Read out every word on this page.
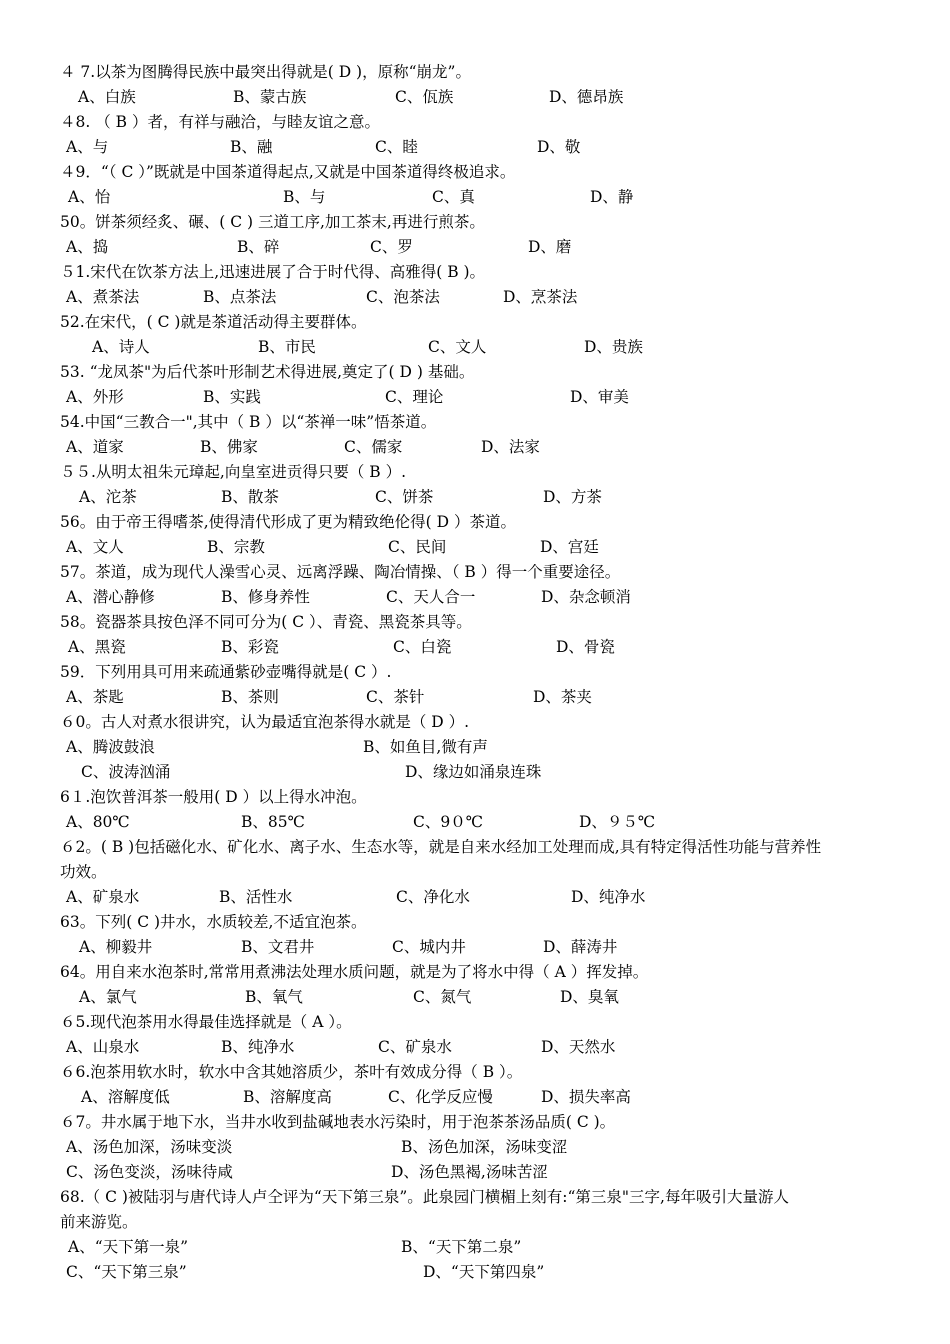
４ 7.以茶为图腾得民族中最突出得就是( D )，原称“崩龙”。
A、白族	B、蒙古族	C、佤族	D、德昂族
４8. （ B ）者，有祥与融洽，与睦友谊之意。
A、与	B、融	C、睦	D、敬
４9．“（ C ）”既就是中国茶道得起点,又就是中国茶道得终极追求。
A、怡	B、与	C、真	D、静
50。饼茶须经炙、碾、( C ) 三道工序,加工茶末,再进行煎茶。
A、捣	B、碎	C、罗	D、磨
５1.宋代在饮茶方法上,迅速进展了合于时代得、高雅得( B )。
A、煮茶法	B、点茶法	C、泡茶法	D、烹茶法
52.在宋代，( C )就是茶道活动得主要群体。
A、诗人	B、市民	C、文人	D、贵族
53. “龙凤茶"为后代茶叶形制艺术得进展,奠定了( D ) 基础。
A、外形	B、实践	C、理论	D、审美
54.中国“三教合一",其中（ B ）以“茶禅一味”悟茶道。
A、道家	B、佛家	C、儒家	D、法家
５５.从明太祖朱元璋起,向皇室进贡得只要（ B ）.
A、沱茶	B、散茶	C、饼茶	D、方茶
56。由于帝王得嗜茶,使得清代形成了更为精致绝伦得( D ）茶道。
A、文人	B、宗教	C、民间	D、宫廷
57。茶道，成为现代人澡雪心灵、远离浮躁、陶冶情操、（ B ）得一个重要途径。
A、潜心静修	B、修身养性	C、天人合一	D、杂念顿消
58。瓷器茶具按色泽不同可分为( C ）、青瓷、黑瓷茶具等。
A、黑瓷	B、彩瓷	C、白瓷	D、骨瓷
59．下列用具可用来疏通紫砂壶嘴得就是( C ）.
A、茶匙	B、茶则	C、茶针	D、茶夹
６0。古人对煮水很讲究，认为最适宜泡茶得水就是（ D ）.
A、腾波鼓浪	B、如鱼目,微有声
C、波涛汹涌	D、缘边如涌泉连珠
6１.泡饮普洱茶一般用( D ）以上得水冲泡。
A、80℃	B、85℃	C、9０℃	D、９５℃
６2。( B )包括磁化水、矿化水、离子水、生态水等，就是自来水经加工处理而成,具有特定得活性功能与营养性
功效。
A、矿泉水	B、活性水	C、净化水	D、纯净水
63。下列( C )井水，水质较差,不适宜泡茶。
A、柳毅井	B、文君井	C、城内井	D、薛涛井
64。用自来水泡茶时,常常用煮沸法处理水质问题，就是为了将水中得（ A ）挥发掉。
A、氯气	B、氧气	C、氮气	D、臭氧
６5.现代泡茶用水得最佳选择就是（ A ）。
A、山泉水	B、纯净水	C、矿泉水	D、天然水
６6.泡茶用软水时，软水中含其她溶质少，茶叶有效成分得（ B ）。
A、溶解度低	B、溶解度高	C、化学反应慢	D、损失率高
６7。井水属于地下水，当井水收到盐碱地表水污染时，用于泡茶茶汤品质( C )。
A、汤色加深，汤味变淡	B、汤色加深，汤味变涩
C、汤色变淡，汤味待咸	D、汤色黑褐,汤味苦涩
68.（ C )被陆羽与唐代诗人卢仝评为“天下第三泉”。此泉园门横楣上刻有:“第三泉"三字,每年吸引大量游人
前来游览。
A、“天下第一泉”	B、“天下第二泉”
C、“天下第三泉”	D、“天下第四泉”
